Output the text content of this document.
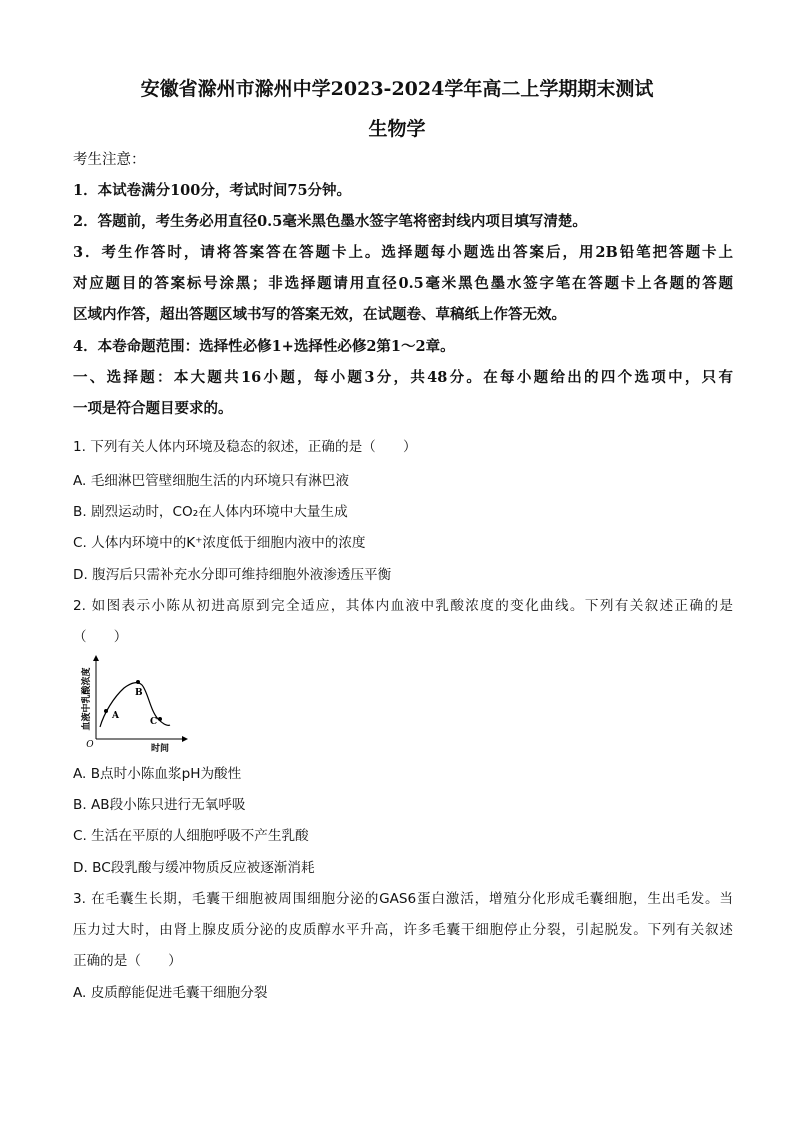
安徽省滁州市滁州中学2023-2024学年高二上学期期末测试
生物学
考生注意：
1．本试卷满分100分，考试时间75分钟。
2．答题前，考生务必用直径0.5毫米黑色墨水签字笔将密封线内项目填写清楚。
3．考生作答时，请将答案答在答题卡上。选择题每小题选出答案后，用2B铅笔把答题卡上
对应题目的答案标号涂黑；非选择题请用直径0.5毫米黑色墨水签字笔在答题卡上各题的答题
区域内作答，超出答题区域书写的答案无效，在试题卷、草稿纸上作答无效。
4．本卷命题范围：选择性必修1+选择性必修2第1～2章。
一、选择题：本大题共16小题，每小题3分，共48分。在每小题给出的四个选项中，只有
一项是符合题目要求的。
1. 下列有关人体内环境及稳态的叙述，正确的是（　　）
A. 毛细淋巴管壁细胞生活的内环境只有淋巴液
B. 剧烈运动时，CO₂在人体内环境中大量生成
C. 人体内环境中的K⁺浓度低于细胞内液中的浓度
D. 腹泻后只需补充水分即可维持细胞外液渗透压平衡
2. 如图表示小陈从初进高原到完全适应，其体内血液中乳酸浓度的变化曲线。下列有关叙述正确的是
（　　）
血液中乳酸浓度
时间
O
A
B
C
A. B点时小陈血浆pH为酸性
B. AB段小陈只进行无氧呼吸
C. 生活在平原的人细胞呼吸不产生乳酸
D. BC段乳酸与缓冲物质反应被逐渐消耗
3. 在毛囊生长期，毛囊干细胞被周围细胞分泌的GAS6蛋白激活，增殖分化形成毛囊细胞，生出毛发。当
压力过大时，由肾上腺皮质分泌的皮质醇水平升高，许多毛囊干细胞停止分裂，引起脱发。下列有关叙述
正确的是（　　）
A. 皮质醇能促进毛囊干细胞分裂
